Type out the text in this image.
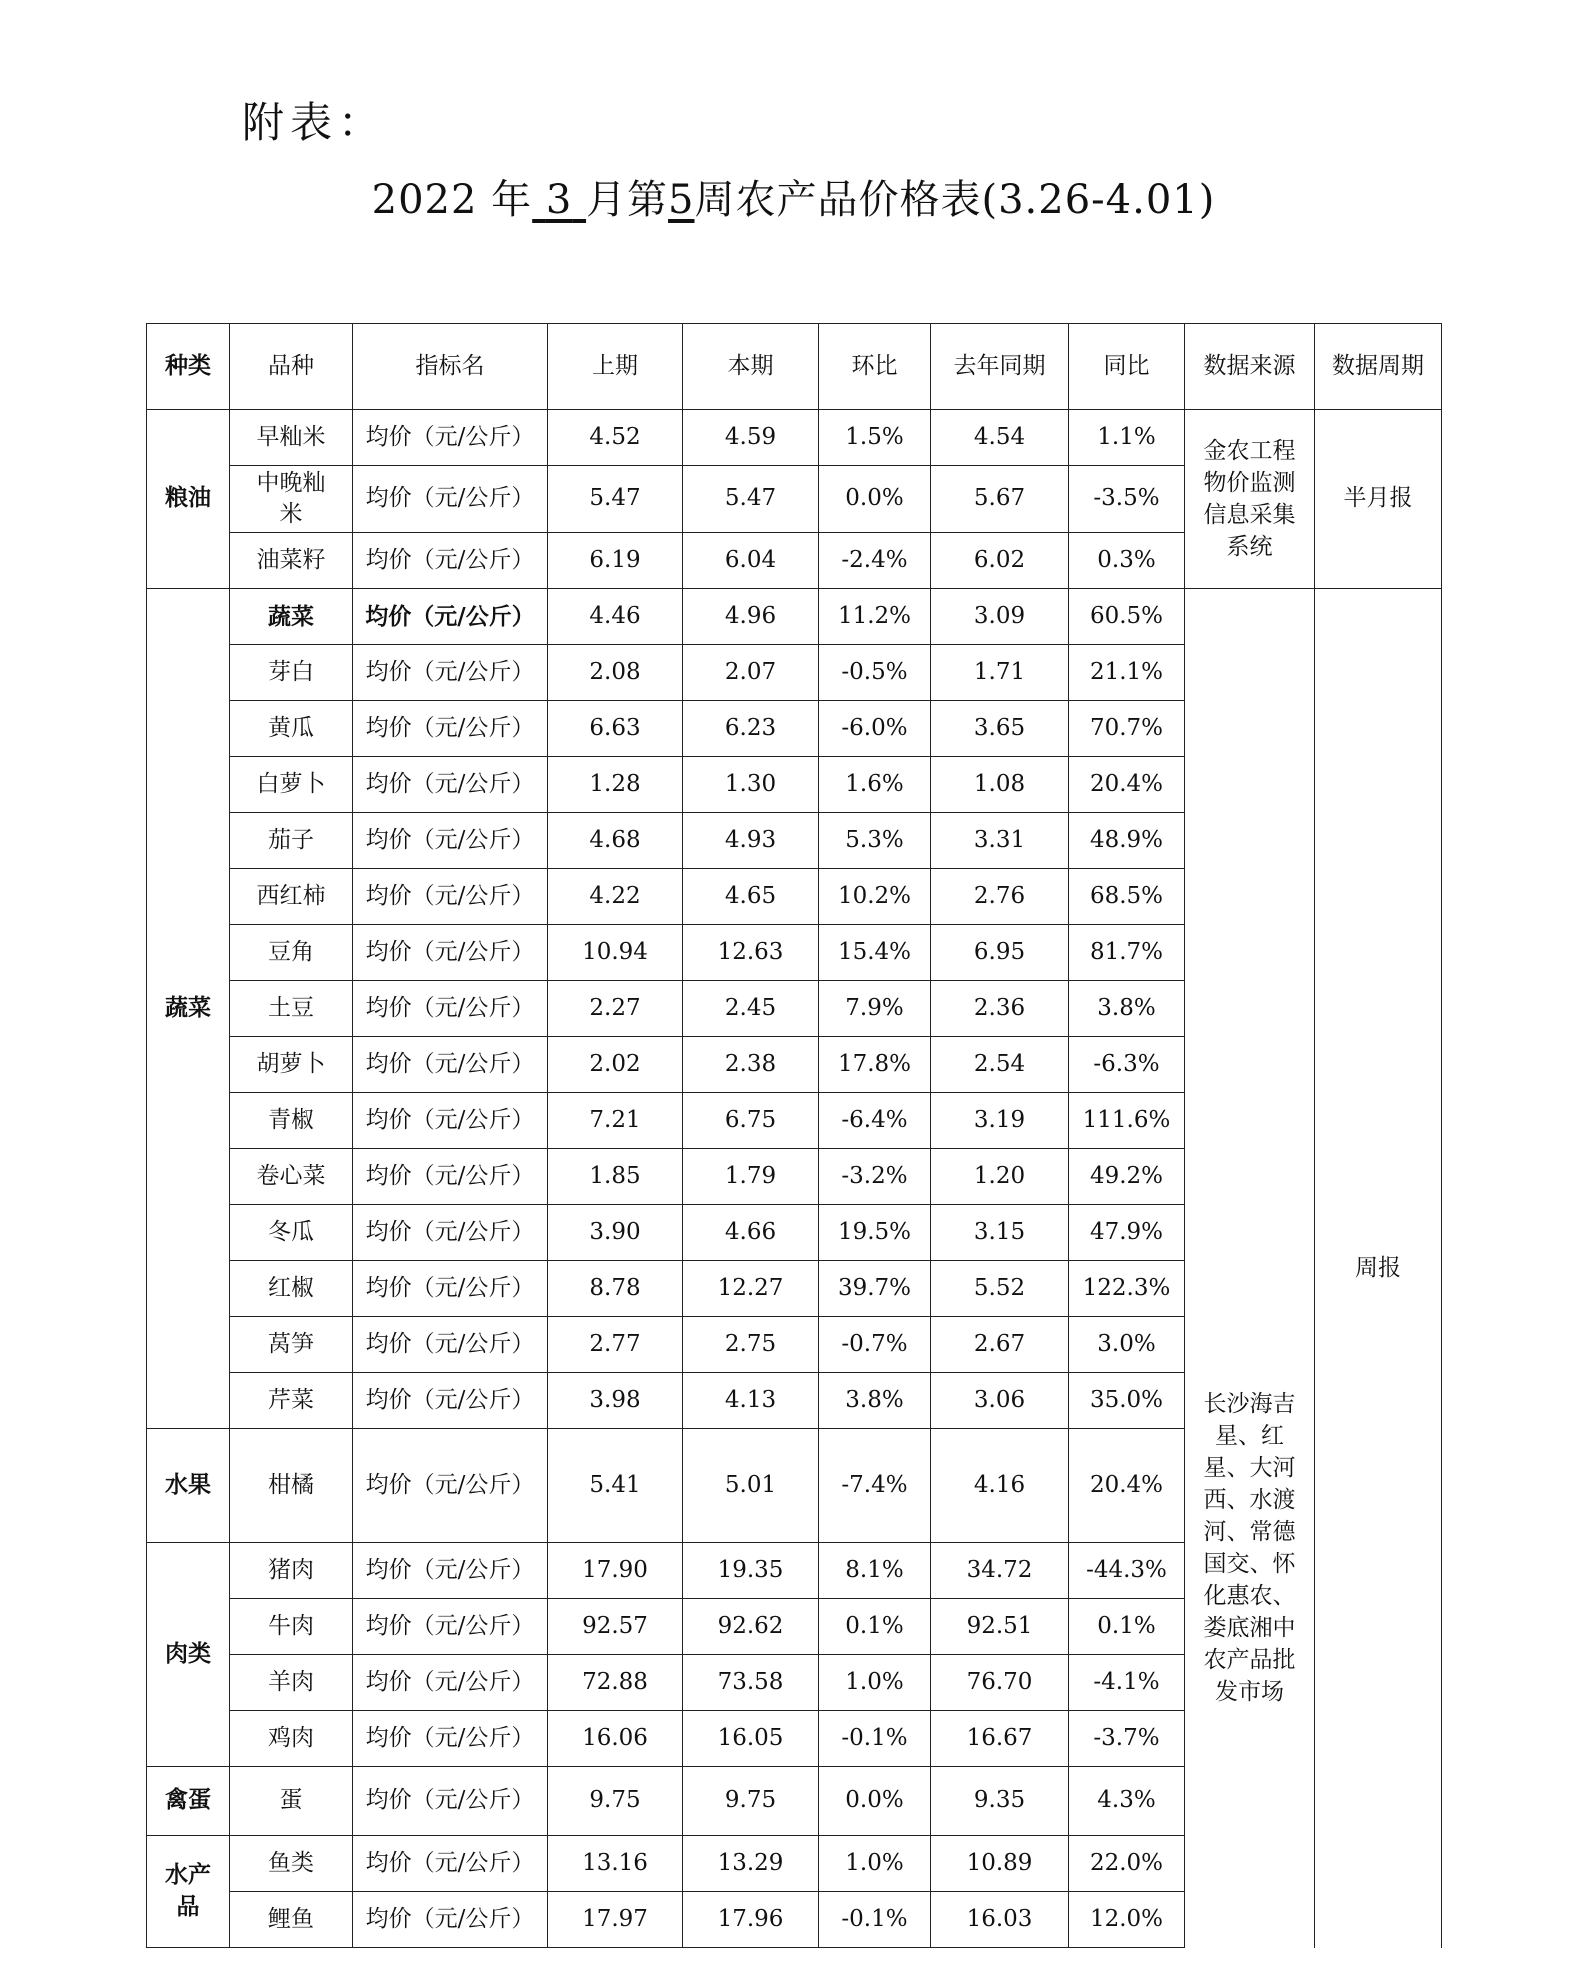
附表：
2022 年 3 月第5周农产品价格表(3.26-4.01)
种类	品种	指标名	上期	本期	环比	去年同期	同比	数据来源	数据周期
粮油	早籼米	均价（元/公斤）	4.52	4.59	1.5%	4.54	1.1%	金农工程物价监测信息采集系统	半月报
	中晚籼米	均价（元/公斤）	5.47	5.47	0.0%	5.67	-3.5%		
	油菜籽	均价（元/公斤）	6.19	6.04	-2.4%	6.02	0.3%		
蔬菜	蔬菜	均价（元/公斤）	4.46	4.96	11.2%	3.09	60.5%	长沙海吉星、红星、大河西、水渡河、常德国交、怀化惠农、娄底湘中农产品批发市场	周报
	芽白	均价（元/公斤）	2.08	2.07	-0.5%	1.71	21.1%		
	黄瓜	均价（元/公斤）	6.63	6.23	-6.0%	3.65	70.7%		
	白萝卜	均价（元/公斤）	1.28	1.30	1.6%	1.08	20.4%		
	茄子	均价（元/公斤）	4.68	4.93	5.3%	3.31	48.9%		
	西红柿	均价（元/公斤）	4.22	4.65	10.2%	2.76	68.5%		
	豆角	均价（元/公斤）	10.94	12.63	15.4%	6.95	81.7%		
	土豆	均价（元/公斤）	2.27	2.45	7.9%	2.36	3.8%		
	胡萝卜	均价（元/公斤）	2.02	2.38	17.8%	2.54	-6.3%		
	青椒	均价（元/公斤）	7.21	6.75	-6.4%	3.19	111.6%		
	卷心菜	均价（元/公斤）	1.85	1.79	-3.2%	1.20	49.2%		
	冬瓜	均价（元/公斤）	3.90	4.66	19.5%	3.15	47.9%		
	红椒	均价（元/公斤）	8.78	12.27	39.7%	5.52	122.3%		
	莴笋	均价（元/公斤）	2.77	2.75	-0.7%	2.67	3.0%		
	芹菜	均价（元/公斤）	3.98	4.13	3.8%	3.06	35.0%		
水果	柑橘	均价（元/公斤）	5.41	5.01	-7.4%	4.16	20.4%		
肉类	猪肉	均价（元/公斤）	17.90	19.35	8.1%	34.72	-44.3%		
	牛肉	均价（元/公斤）	92.57	92.62	0.1%	92.51	0.1%		
	羊肉	均价（元/公斤）	72.88	73.58	1.0%	76.70	-4.1%		
	鸡肉	均价（元/公斤）	16.06	16.05	-0.1%	16.67	-3.7%		
禽蛋	蛋	均价（元/公斤）	9.75	9.75	0.0%	9.35	4.3%		
水产品	鱼类	均价（元/公斤）	13.16	13.29	1.0%	10.89	22.0%		
	鲤鱼	均价（元/公斤）	17.97	17.96	-0.1%	16.03	12.0%		
